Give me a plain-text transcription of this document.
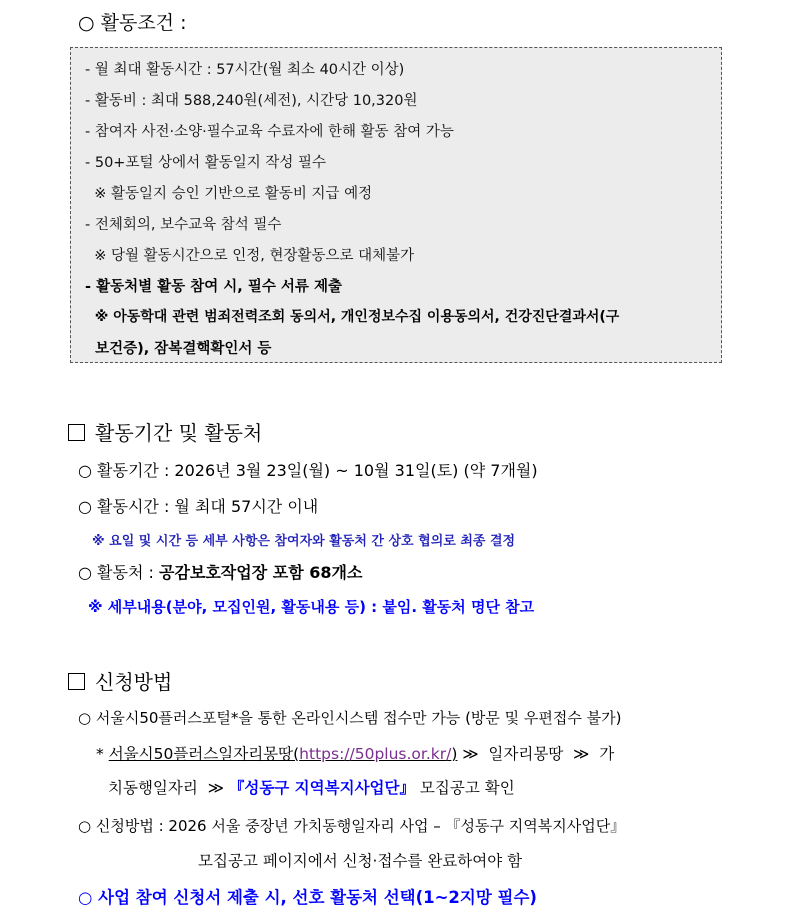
○ 활동조건 :
- 월 최대 활동시간 : 57시간(월 최소 40시간 이상)
- 활동비 : 최대 588,240원(세전), 시간당 10,320원
- 참여자 사전·소양·필수교육 수료자에 한해 활동 참여 가능
- 50+포털 상에서 활동일지 작성 필수
※ 활동일지 승인 기반으로 활동비 지급 예정
- 전체회의, 보수교육 참석 필수
※ 당월 활동시간으로 인정, 현장활동으로 대체불가
- 활동처별 활동 참여 시, 필수 서류 제출
※ 아동학대 관련 범죄전력조회 동의서, 개인정보수집 이용동의서, 건강진단결과서(구
보건증), 잠복결핵확인서 등
활동기간 및 활동처
○ 활동기간 : 2026년 3월 23일(월) ~ 10월 31일(토) (약 7개월)
○ 활동시간 : 월 최대 57시간 이내
※ 요일 및 시간 등 세부 사항은 참여자와 활동처 간 상호 협의로 최종 결정
○ 활동처 : 공감보호작업장 포함 68개소
※ 세부내용(분야, 모집인원, 활동내용 등) : 붙임. 활동처 명단 참고
신청방법
○ 서울시50플러스포털*을 통한 온라인시스템 접수만 가능 (방문 및 우편접수 불가)
* 서울시50플러스일자리몽땅(https://50plus.or.kr/) ≫  일자리몽땅  ≫  가
치동행일자리  ≫ 『성동구 지역복지사업단』 모집공고 확인
○ 신청방법 : 2026 서울 중장년 가치동행일자리 사업 – 『성동구 지역복지사업단』
모집공고 페이지에서 신청·접수를 완료하여야 함
○ 사업 참여 신청서 제출 시, 선호 활동처 선택(1~2지망 필수)
